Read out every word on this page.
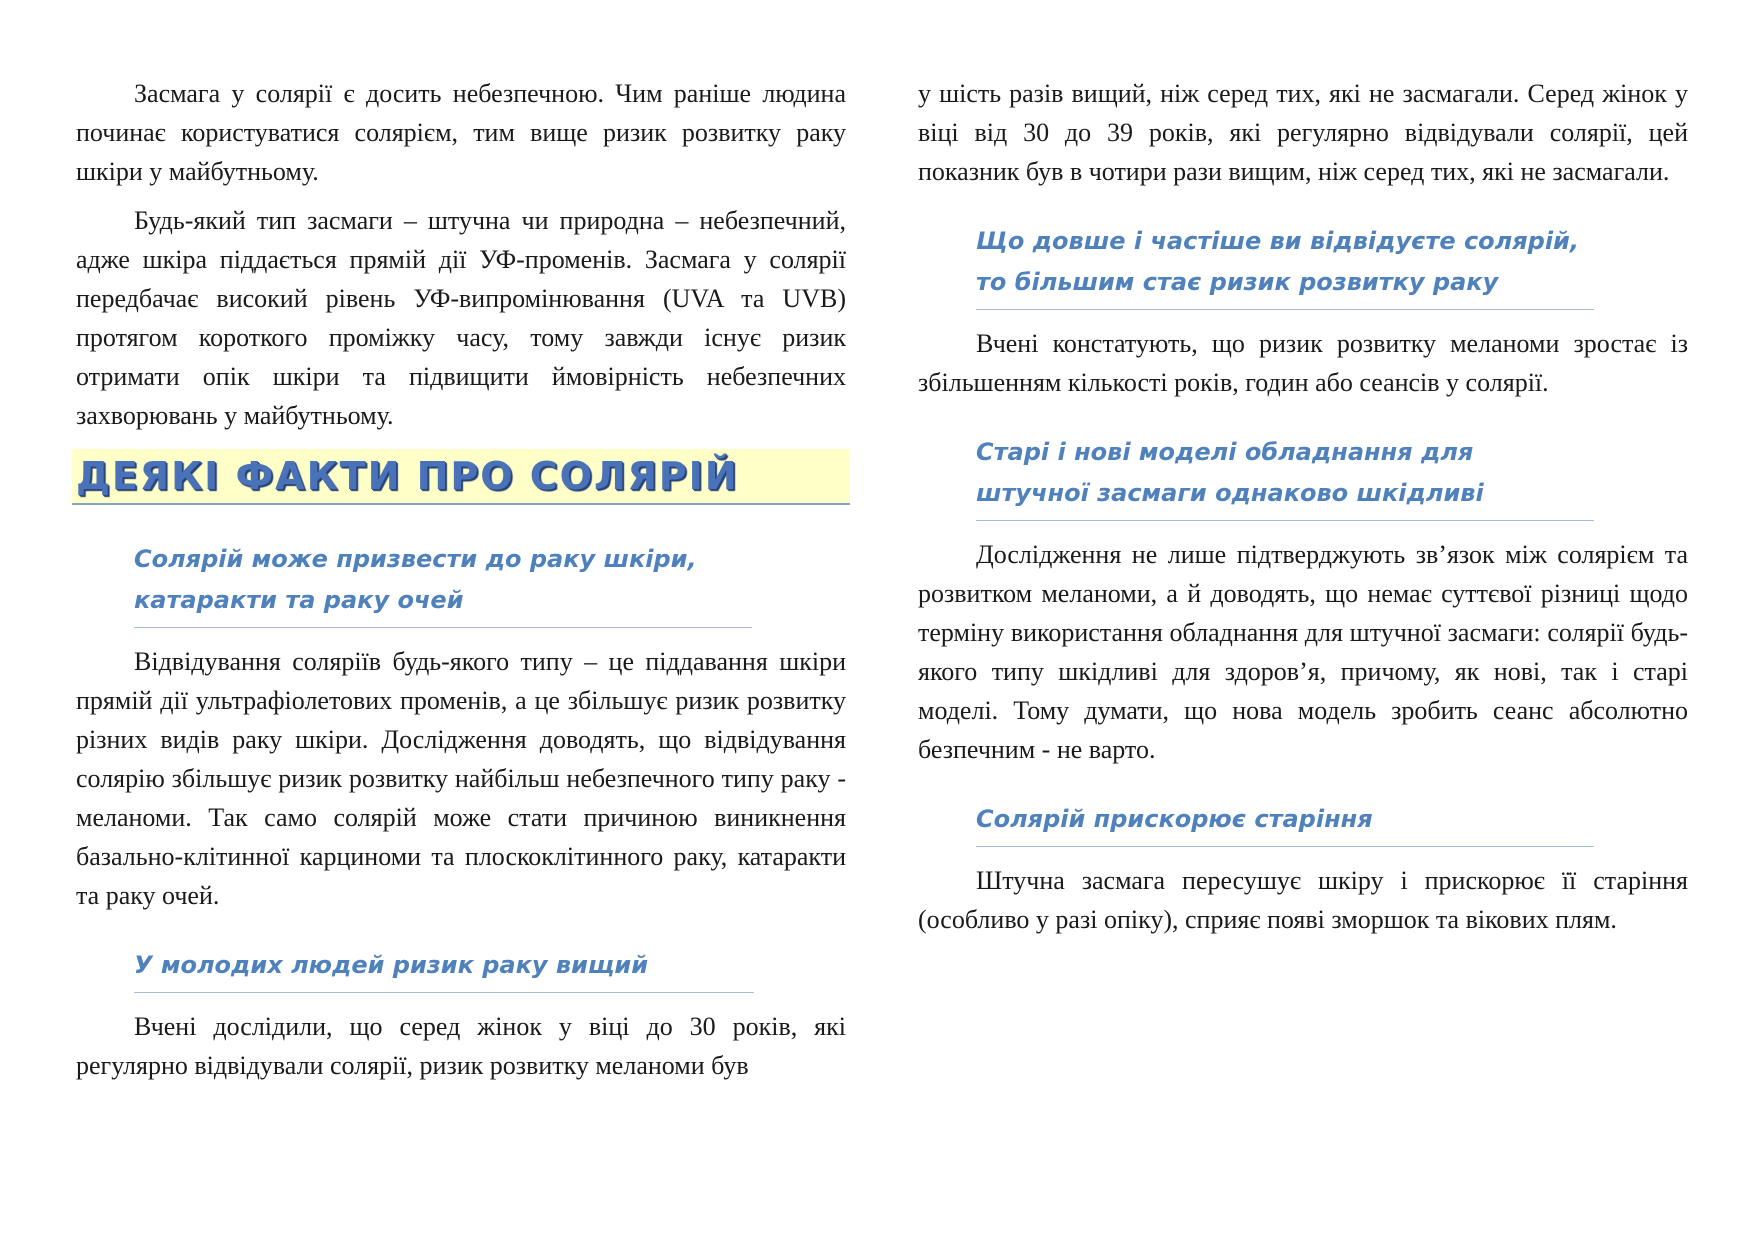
Засмага у солярії є досить небезпечною. Чим раніше людина починає користуватися солярієм, тим вище ризик розвитку раку шкіри у майбутньому.

Будь-який тип засмаги – штучна чи природна – небезпечний, адже шкіра піддається прямій дії УФ-променів. Засмага у солярії передбачає високий рівень УФ-випромінювання (UVA та UVB) протягом короткого проміжку часу, тому завжди існує ризик отримати опік шкіри та підвищити ймовірність небезпечних захворювань у майбутньому.

ДЕЯКІ ФАКТИ ПРО СОЛЯРІЙ
Солярій може призвести до раку шкіри, катаракти та раку очей

Відвідування соляріїв будь-якого типу – це піддавання шкіри прямій дії ультрафіолетових променів, а це збільшує ризик розвитку різних видів раку шкіри. Дослідження доводять, що відвідування солярію збільшує ризик розвитку найбільш небезпечного типу раку - меланоми. Так само солярій може стати причиною виникнення базально-клітинної карциноми та плоскоклітинного раку, катаракти та раку очей.

У молодих людей ризик раку вищий

Вчені дослідили, що серед жінок у віці до 30 років, які регулярно відвідували солярії, ризик розвитку меланоми був

у шість разів вищий, ніж серед тих, які не засмагали. Серед жінок у віці від 30 до 39 років, які регулярно відвідували солярії, цей показник був в чотири рази вищим, ніж серед тих, які не засмагали.

Що довше і частіше ви відвідуєте солярій, то більшим стає ризик розвитку раку

Вчені констатують, що ризик розвитку меланоми зростає із збільшенням кількості років, годин або сеансів у солярії.

Старі і нові моделі обладнання для штучної засмаги однаково шкідливі

Дослідження не лише підтверджують зв’язок між солярієм та розвитком меланоми, а й доводять, що немає суттєвої різниці щодо терміну використання обладнання для штучної засмаги: солярії будь-якого типу шкідливі для здоров’я, причому, як нові, так і старі моделі. Тому думати, що нова модель зробить сеанс абсолютно безпечним - не варто.

Солярій прискорює старіння

Штучна засмага пересушує шкіру і прискорює її старіння (особливо у разі опіку), сприяє появі зморшок та вікових плям.
